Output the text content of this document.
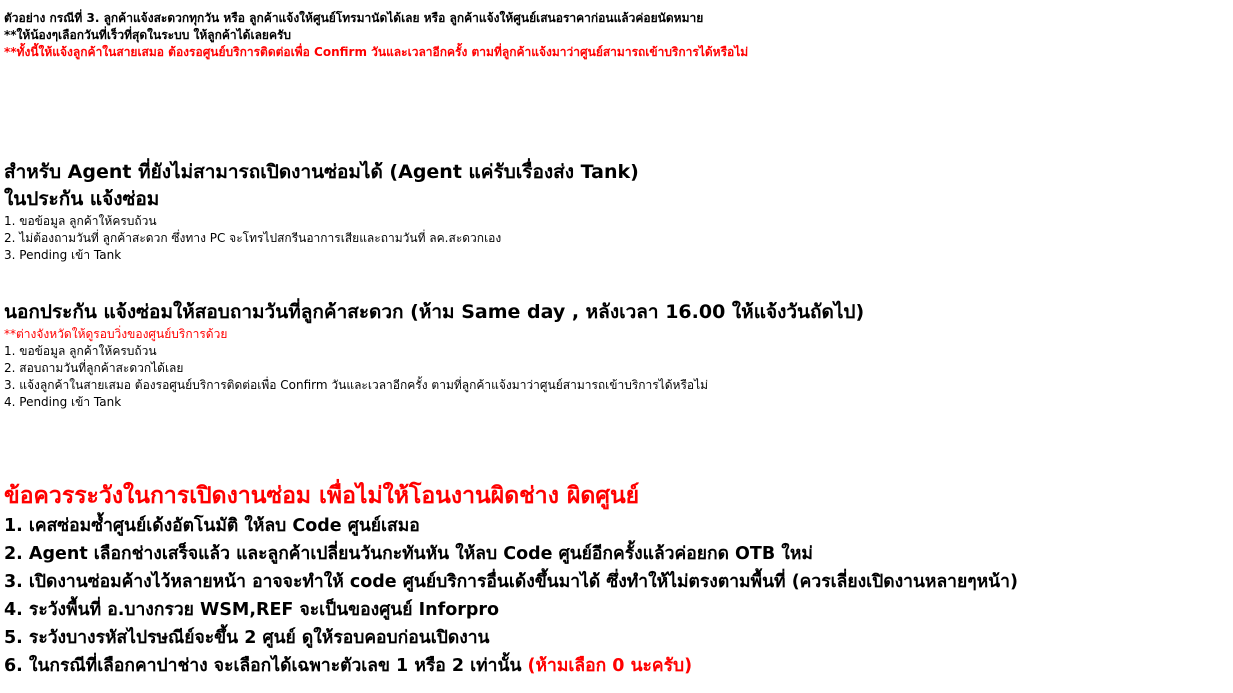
ตัวอย่าง กรณีที่ 3. ลูกค้าแจ้งสะดวกทุกวัน หรือ ลูกค้าแจ้งให้ศูนย์โทรมานัดได้เลย หรือ ลูกค้าแจ้งให้ศูนย์เสนอราคาก่อนแล้วค่อยนัดหมาย
**ให้น้องๆเลือกวันที่เร็วที่สุดในระบบ ให้ลูกค้าได้เลยครับ
**ทั้งนี้ให้แจ้งลูกค้าในสายเสมอ ต้องรอศูนย์บริการติดต่อเพื่อ Confirm วันและเวลาอีกครั้ง ตามที่ลูกค้าแจ้งมาว่าศูนย์สามารถเข้าบริการได้หรือไม่
สำหรับ Agent ที่ยังไม่สามารถเปิดงานซ่อมได้ (Agent แค่รับเรื่องส่ง Tank)
ในประกัน แจ้งซ่อม
1. ขอข้อมูล ลูกค้าให้ครบถ้วน
2. ไม่ต้องถามวันที่ ลูกค้าสะดวก ซึ่งทาง PC จะโทรไปสกรีนอาการเสียและถามวันที่ ลค.สะดวกเอง
3. Pending เข้า Tank
นอกประกัน แจ้งซ่อมให้สอบถามวันที่ลูกค้าสะดวก (ห้าม Same day , หลังเวลา 16.00 ให้แจ้งวันถัดไป)
**ต่างจังหวัดให้ดูรอบวิ่งของศูนย์บริการด้วย
1. ขอข้อมูล ลูกค้าให้ครบถ้วน
2. สอบถามวันที่ลูกค้าสะดวกได้เลย
3. แจ้งลูกค้าในสายเสมอ ต้องรอศูนย์บริการติดต่อเพื่อ Confirm วันและเวลาอีกครั้ง ตามที่ลูกค้าแจ้งมาว่าศูนย์สามารถเข้าบริการได้หรือไม่
4. Pending เข้า Tank
ข้อควรระวังในการเปิดงานซ่อม เพื่อไม่ให้โอนงานผิดช่าง ผิดศูนย์
1. เคสซ่อมซ้ำศูนย์เด้งอัตโนมัติ ให้ลบ Code ศูนย์เสมอ
2. Agent เลือกช่างเสร็จแล้ว และลูกค้าเปลี่ยนวันกะทันหัน ให้ลบ Code ศูนย์อีกครั้งแล้วค่อยกด OTB ใหม่
3. เปิดงานซ่อมค้างไว้หลายหน้า อาจจะทำให้ code ศูนย์บริการอื่นเด้งขึ้นมาได้ ซึ่งทำให้ไม่ตรงตามพื้นที่ (ควรเลี่ยงเปิดงานหลายๆหน้า)
4. ระวังพื้นที่ อ.บางกรวย WSM,REF จะเป็นของศูนย์ Inforpro
5. ระวังบางรหัสไปรษณีย์จะขึ้น 2 ศูนย์ ดูให้รอบคอบก่อนเปิดงาน
6. ในกรณีที่เลือกคาปาช่าง จะเลือกได้เฉพาะตัวเลข 1 หรือ 2 เท่านั้น (ห้ามเลือก 0 นะครับ)
